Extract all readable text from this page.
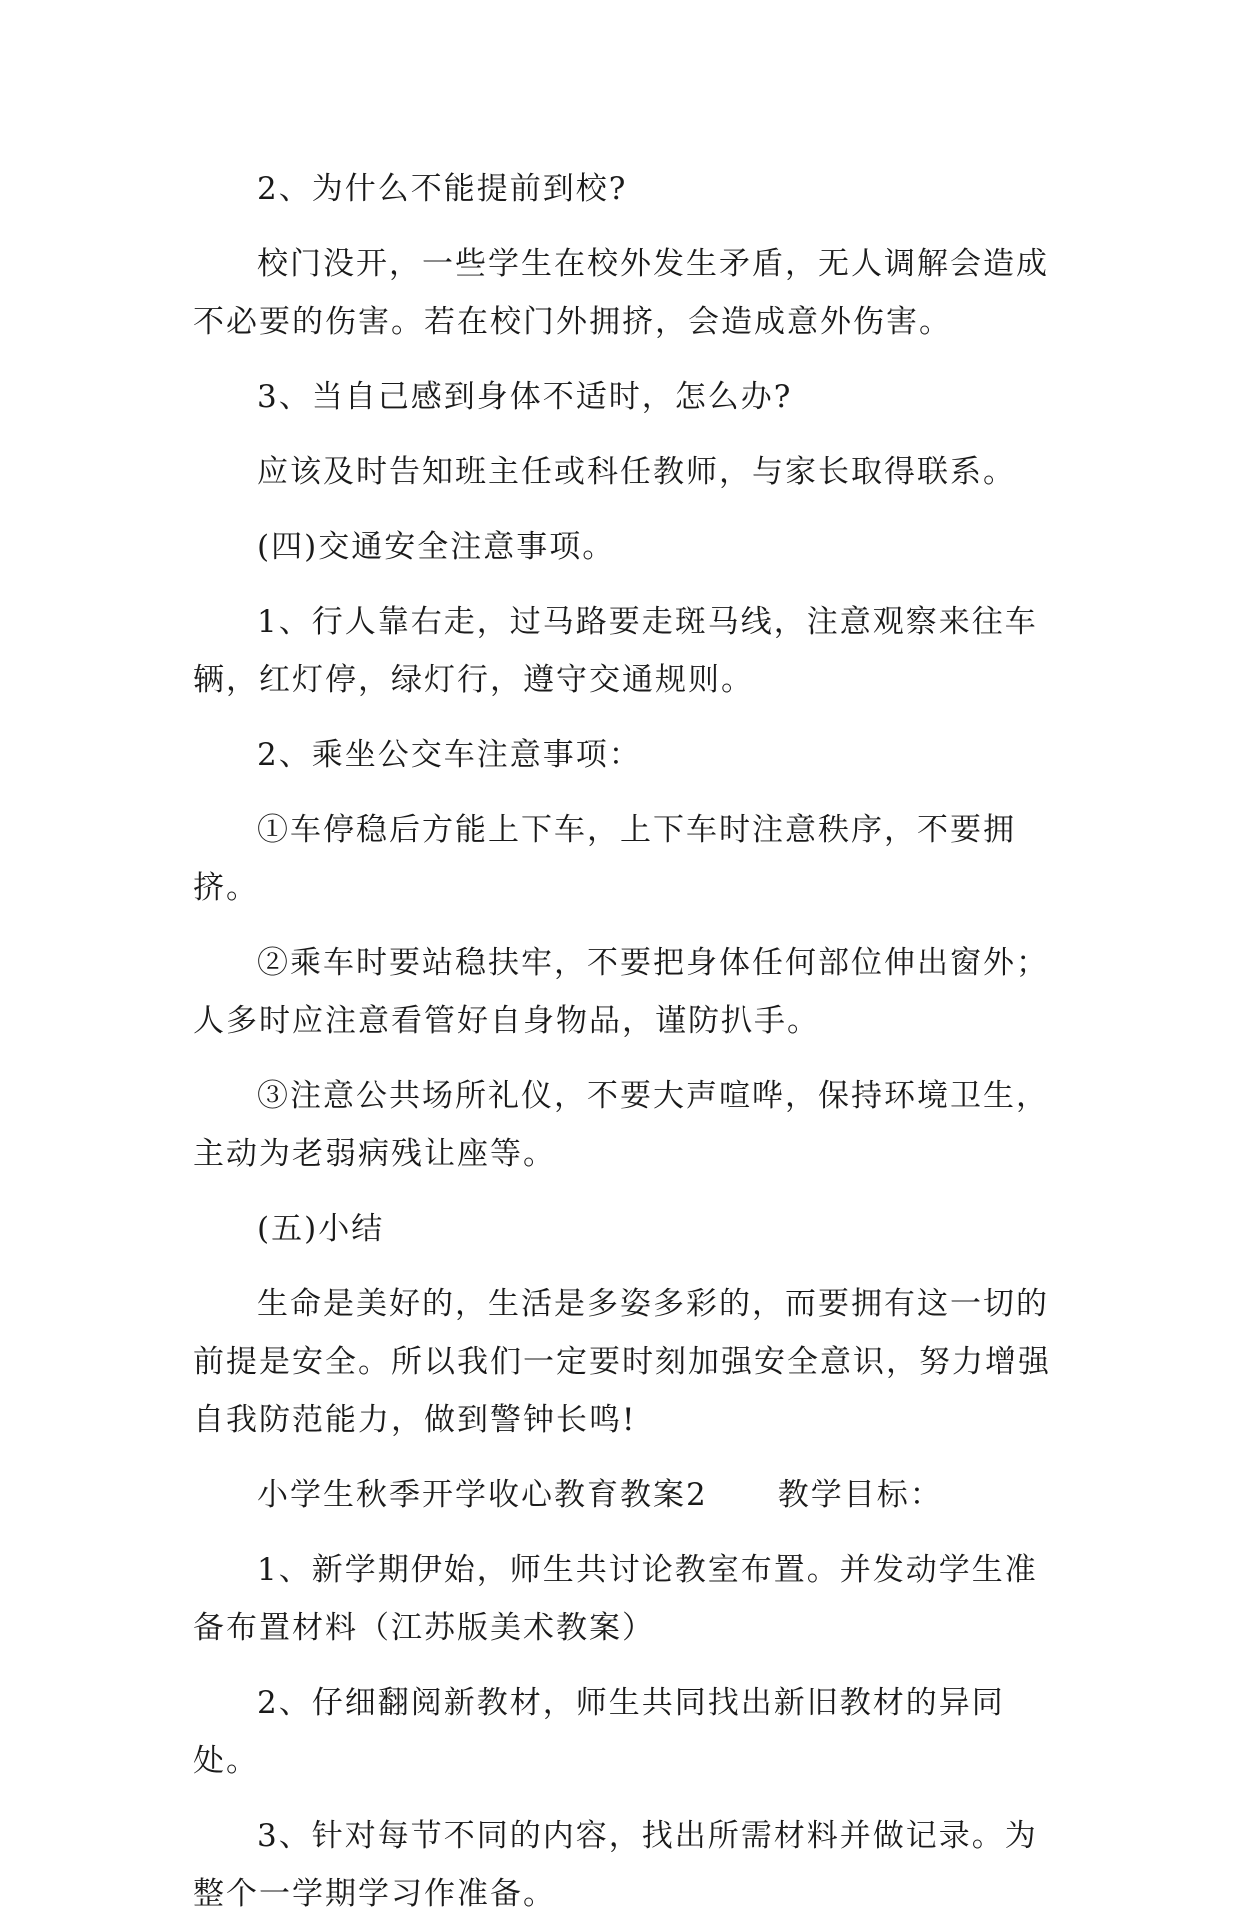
2、为什么不能提前到校?

校门没开，一些学生在校外发生矛盾，无人调解会造成不必要的伤害。若在校门外拥挤，会造成意外伤害。

3、当自己感到身体不适时，怎么办?

应该及时告知班主任或科任教师，与家长取得联系。

(四)交通安全注意事项。

1、行人靠右走，过马路要走斑马线，注意观察来往车辆，红灯停，绿灯行，遵守交通规则。

2、乘坐公交车注意事项：

①车停稳后方能上下车，上下车时注意秩序，不要拥挤。

②乘车时要站稳扶牢，不要把身体任何部位伸出窗外；人多时应注意看管好自身物品，谨防扒手。

③注意公共场所礼仪，不要大声喧哗，保持环境卫生，主动为老弱病残让座等。

(五)小结

生命是美好的，生活是多姿多彩的，而要拥有这一切的前提是安全。所以我们一定要时刻加强安全意识，努力增强自我防范能力，做到警钟长鸣!

小学生秋季开学收心教育教案2 教学目标：

1、新学期伊始，师生共讨论教室布置。并发动学生准备布置材料（江苏版美术教案）

2、仔细翻阅新教材，师生共同找出新旧教材的异同处。

3、针对每节不同的内容，找出所需材料并做记录。为整个一学期学习作准备。
